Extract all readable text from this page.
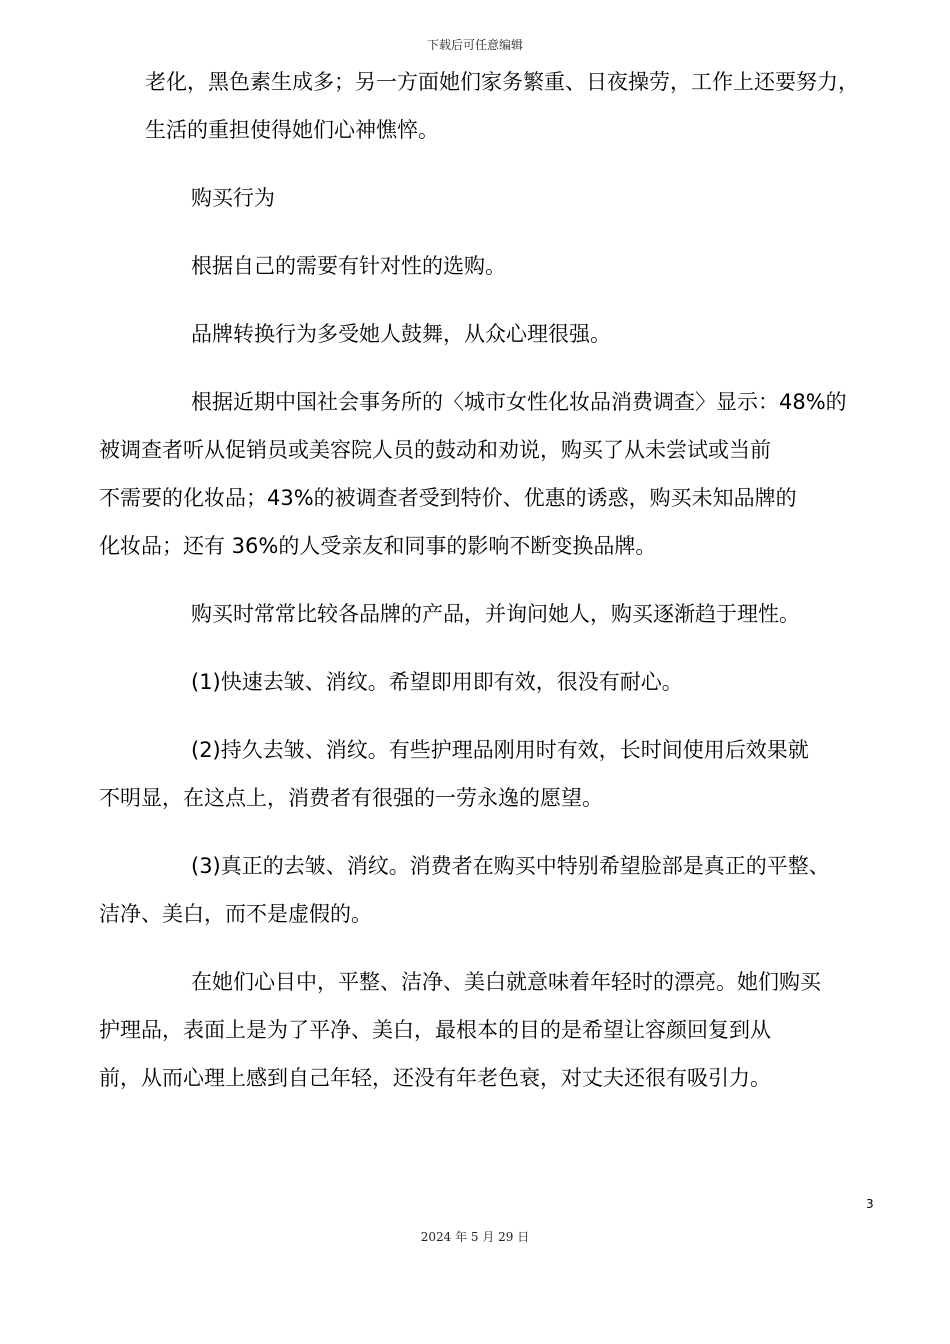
下载后可任意编辑

老化，黑色素生成多；另一方面她们家务繁重、日夜操劳，工作上还要努力，
生活的重担使得她们心神憔悴。

购买行为

根据自己的需要有针对性的选购。

品牌转换行为多受她人鼓舞，从众心理很强。

根据近期中国社会事务所的〈城市女性化妆品消费调查〉显示：48%的
被调查者听从促销员或美容院人员的鼓动和劝说，购买了从未尝试或当前
不需要的化妆品；43%的被调查者受到特价、优惠的诱惑，购买未知品牌的
化妆品；还有 36%的人受亲友和同事的影响不断变换品牌。

购买时常常比较各品牌的产品，并询问她人，购买逐渐趋于理性。

(1)快速去皱、消纹。希望即用即有效，很没有耐心。

(2)持久去皱、消纹。有些护理品刚用时有效，长时间使用后效果就
不明显，在这点上，消费者有很强的一劳永逸的愿望。

(3)真正的去皱、消纹。消费者在购买中特别希望脸部是真正的平整、
洁净、美白，而不是虚假的。

在她们心目中，平整、洁净、美白就意味着年轻时的漂亮。她们购买
护理品，表面上是为了平净、美白，最根本的目的是希望让容颜回复到从
前，从而心理上感到自己年轻，还没有年老色衰，对丈夫还很有吸引力。

3
2024 年 5 月 29 日
